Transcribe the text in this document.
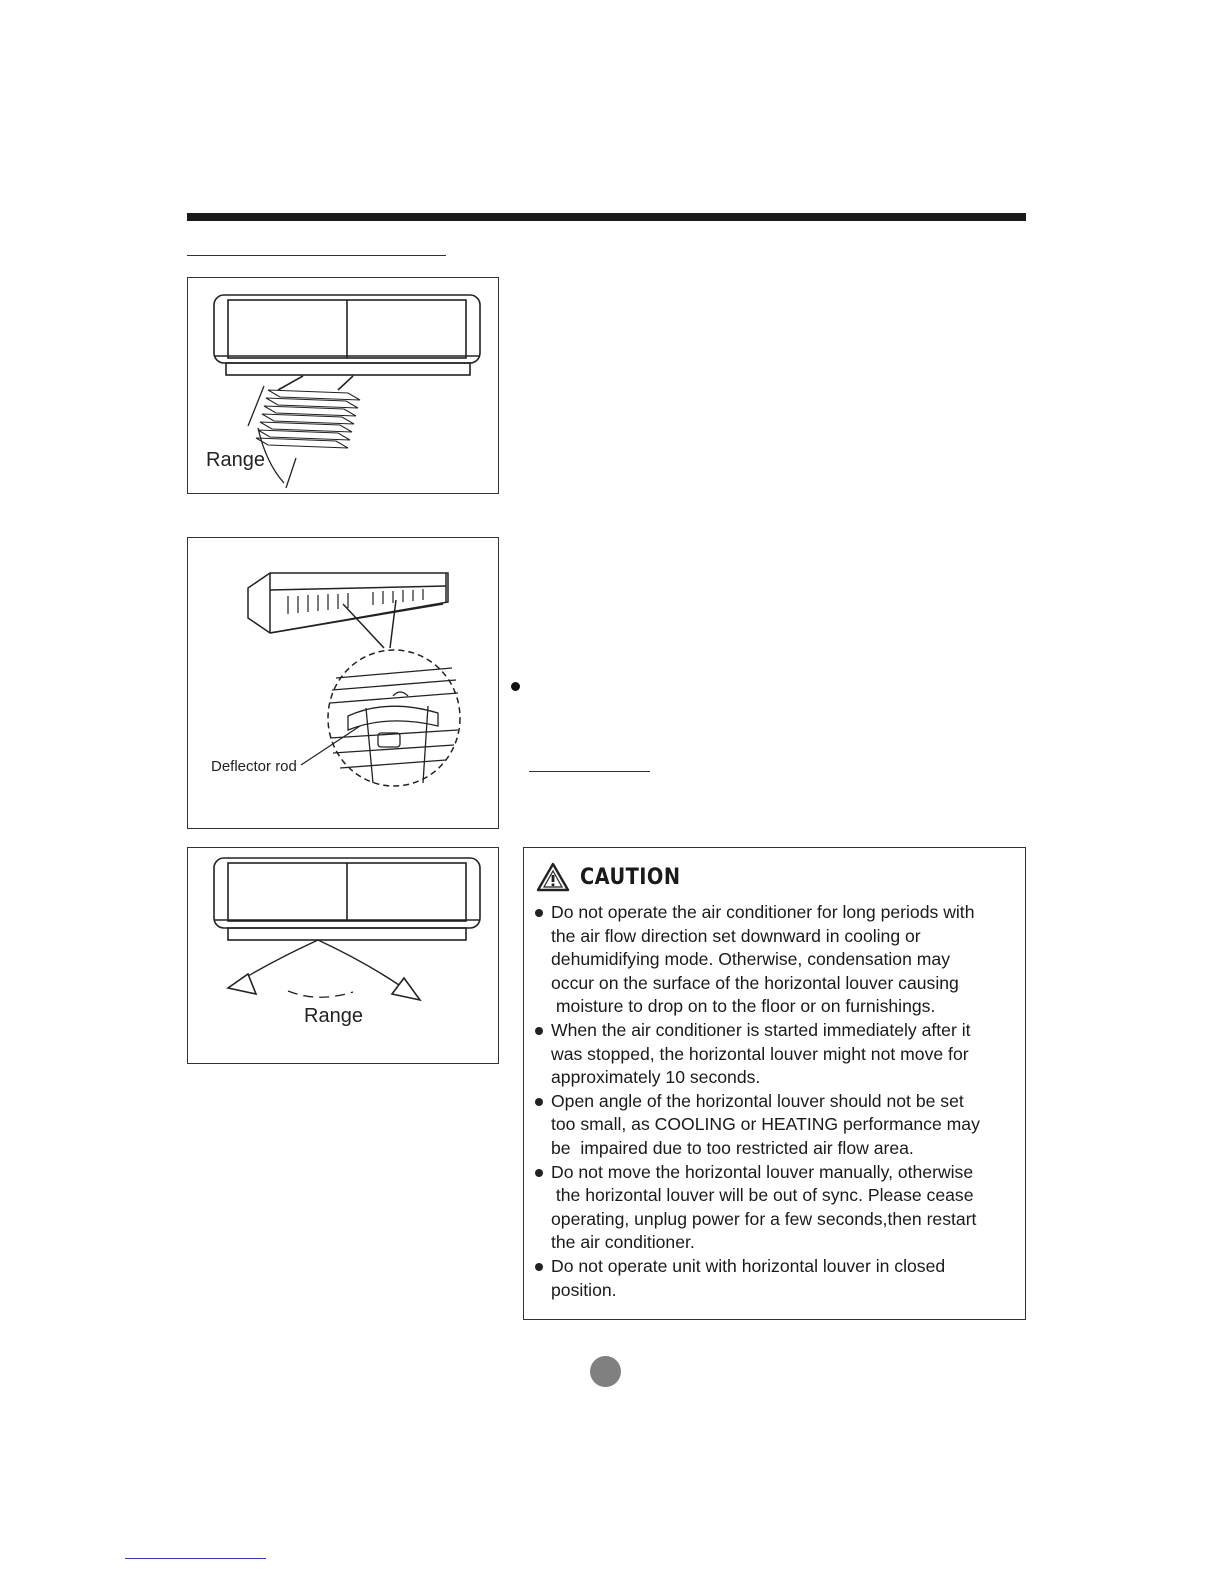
Range
Deflector rod
Range
CAUTION
Do not operate the air conditioner for long periods with
the air flow direction set downward in cooling or
dehumidifying mode. Otherwise, condensation may
occur on the surface of the horizontal louver causing
moisture to drop on to the floor or on furnishings.
When the air conditioner is started immediately after it
was stopped, the horizontal louver might not move for
approximately 10 seconds.
Open angle of the horizontal louver should not be set
too small, as COOLING or HEATING performance may
be  impaired due to too restricted air flow area.
Do not move the horizontal louver manually, otherwise
the horizontal louver will be out of sync. Please cease
operating, unplug power for a few seconds,then restart
the air conditioner.
Do not operate unit with horizontal louver in closed
position.
